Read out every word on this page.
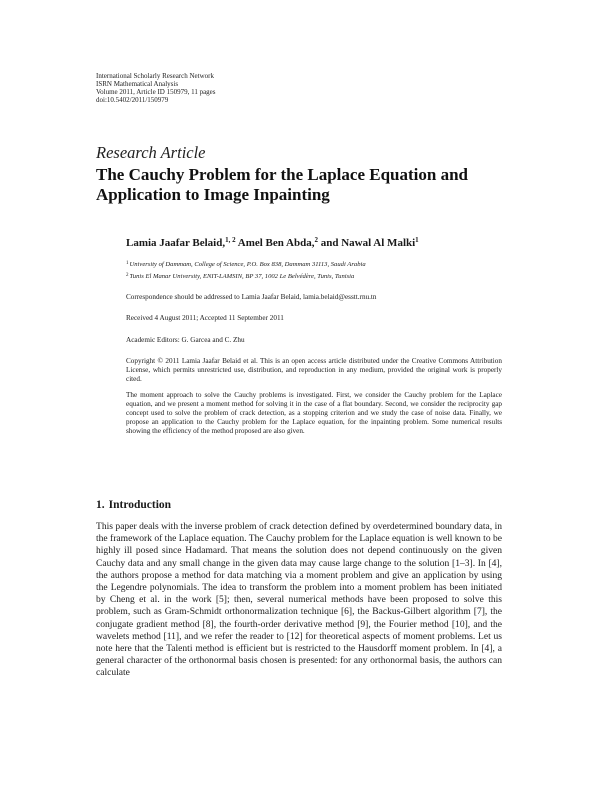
International Scholarly Research Network
ISRN Mathematical Analysis
Volume 2011, Article ID 150979, 11 pages
doi:10.5402/2011/150979
Research Article
The Cauchy Problem for the Laplace Equation and Application to Image Inpainting
Lamia Jaafar Belaid,$^{1, 2}$ Amel Ben Abda,$^2$ and Nawal Al Malki$^1$
$^1$University of Dammam, College of Science, P.O. Box 838, Dammam 31113, Saudi Arabia
$^2$Tunis El Manar University, ENIT-LAMSIN, BP 37, 1002 Le Belvédère, Tunis, Tunisia
Correspondence should be addressed to Lamia Jaafar Belaid, lamia.belaid@esstt.rnu.tn
Received 4 August 2011; Accepted 11 September 2011
Academic Editors: G. Garcea and C. Zhu
Copyright © 2011 Lamia Jaafar Belaid et al. This is an open access article distributed under the Creative Commons Attribution License, which permits unrestricted use, distribution, and reproduction in any medium, provided the original work is properly cited.
The moment approach to solve the Cauchy problems is investigated. First, we consider the Cauchy problem for the Laplace equation, and we present a moment method for solving it in the case of a flat boundary. Second, we consider the reciprocity gap concept used to solve the problem of crack detection, as a stopping criterion and we study the case of noise data. Finally, we propose an application to the Cauchy problem for the Laplace equation, for the inpainting problem. Some numerical results showing the efficiency of the method proposed are also given.
1. Introduction

This paper deals with the inverse problem of crack detection defined by overdetermined boundary data, in the framework of the Laplace equation. The Cauchy problem for the Laplace equation is well known to be highly ill posed since Hadamard. That means the solution does not depend continuously on the given Cauchy data and any small change in the given data may cause large change to the solution [1–3]. In [4], the authors propose a method for data matching via a moment problem and give an application by using the Legendre polynomials. The idea to transform the problem into a moment problem has been initiated by Cheng et al. in the work [5]; then, several numerical methods have been proposed to solve this problem, such as Gram-Schmidt orthonormalization technique [6], the Backus-Gilbert algorithm [7], the conjugate gradient method [8], the fourth-order derivative method [9], the Fourier method [10], and the wavelets method [11], and we refer the reader to [12] for theoretical aspects of moment problems. Let us note here that the Talenti method is efficient but is restricted to the Hausdorff moment problem. In [4], a general character of the orthonormal basis chosen is presented: for any orthonormal basis, the authors can calculate
